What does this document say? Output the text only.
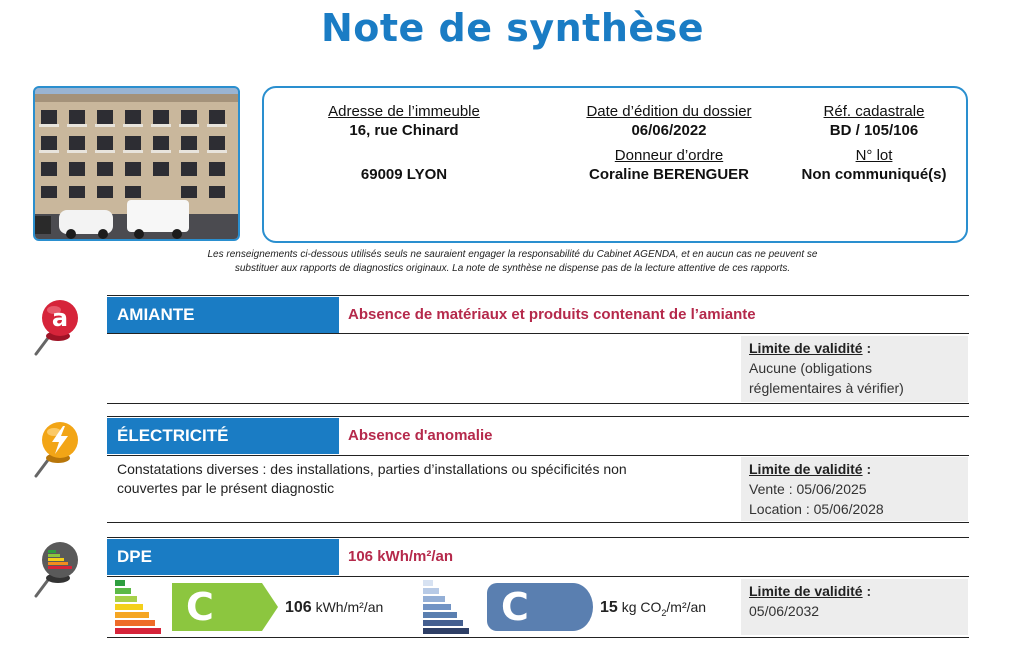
Note de synthèse
Adresse de l’immeuble
16, rue Chinard
69009 LYON
Date d’édition du dossier
06/06/2022
Donneur d’ordre
Coraline BERENGUER
Réf. cadastrale
BD / 105/106
N° lot
Non communiqué(s)
Les renseignements ci-dessous utilisés seuls ne sauraient engager la responsabilité du Cabinet AGENDA, et en aucun cas ne peuvent se
substituer aux rapports de diagnostics originaux. La note de synthèse ne dispense pas de la lecture attentive de ces rapports.
a	AMIANTE	Absence de matériaux et produits contenant de l’amiante
Limite de validité :
Aucune (obligations
réglementaires à vérifier)
ÉLECTRICITÉ	Absence d'anomalie
Constatations diverses : des installations, parties d’installations ou spécificités non
couvertes par le présent diagnostic
Limite de validité :
Vente : 05/06/2025
Location : 05/06/2028
DPE	106 kWh/m²/an
C	106 kWh/m²/an	C	15 kg $CO_2/m^2/an$
Limite de validité :
05/06/2032
